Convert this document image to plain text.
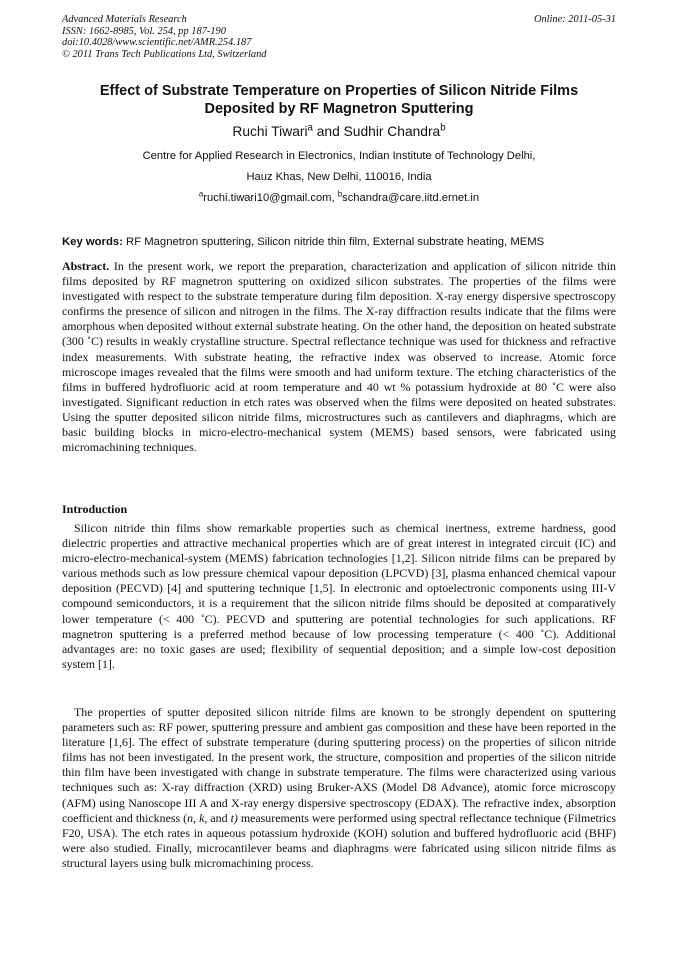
Advanced Materials Research
ISSN: 1662-8985, Vol. 254, pp 187-190
doi:10.4028/www.scientific.net/AMR.254.187
© 2011 Trans Tech Publications Ltd, Switzerland
Online: 2011-05-31
Effect of Substrate Temperature on Properties of Silicon Nitride Films
Deposited by RF Magnetron Sputtering
Ruchi Tiwari$^a$ and Sudhir Chandra$^b$
Centre for Applied Research in Electronics, Indian Institute of Technology Delhi,
Hauz Khas, New Delhi, 110016, India
$^a$ruchi.tiwari10@gmail.com, $^b$schandra@care.iitd.ernet.in
Key words: RF Magnetron sputtering, Silicon nitride thin film, External substrate heating, MEMS
Abstract. In the present work, we report the preparation, characterization and application of silicon nitride thin films deposited by RF magnetron sputtering on oxidized silicon substrates. The properties of the films were investigated with respect to the substrate temperature during film deposition. X-ray energy dispersive spectroscopy confirms the presence of silicon and nitrogen in the films. The X-ray diffraction results indicate that the films were amorphous when deposited without external substrate heating. On the other hand, the deposition on heated substrate (300 ˚C) results in weakly crystalline structure. Spectral reflectance technique was used for thickness and refractive index measurements. With substrate heating, the refractive index was observed to increase. Atomic force microscope images revealed that the films were smooth and had uniform texture. The etching characteristics of the films in buffered hydrofluoric acid at room temperature and 40 wt % potassium hydroxide at 80 ˚C were also investigated. Significant reduction in etch rates was observed when the films were deposited on heated substrates. Using the sputter deposited silicon nitride films, microstructures such as cantilevers and diaphragms, which are basic building blocks in micro-electro-mechanical system (MEMS) based sensors, were fabricated using micromachining techniques.
Introduction
Silicon nitride thin films show remarkable properties such as chemical inertness, extreme hardness, good dielectric properties and attractive mechanical properties which are of great interest in integrated circuit (IC) and micro-electro-mechanical-system (MEMS) fabrication technologies [1,2]. Silicon nitride films can be prepared by various methods such as low pressure chemical vapour deposition (LPCVD) [3], plasma enhanced chemical vapour deposition (PECVD) [4] and sputtering technique [1,5]. In electronic and optoelectronic components using III-V compound semiconductors, it is a requirement that the silicon nitride films should be deposited at comparatively lower temperature (< 400 ˚C). PECVD and sputtering are potential technologies for such applications. RF magnetron sputtering is a preferred method because of low processing temperature (< 400 ˚C). Additional advantages are: no toxic gases are used; flexibility of sequential deposition; and a simple low-cost deposition system [1].
The properties of sputter deposited silicon nitride films are known to be strongly dependent on sputtering parameters such as: RF power, sputtering pressure and ambient gas composition and these have been reported in the literature [1,6]. The effect of substrate temperature (during sputtering process) on the properties of silicon nitride films has not been investigated. In the present work, the structure, composition and properties of the silicon nitride thin film have been investigated with change in substrate temperature. The films were characterized using various techniques such as: X-ray diffraction (XRD) using Bruker-AXS (Model D8 Advance), atomic force microscopy (AFM) using Nanoscope III A and X-ray energy dispersive spectroscopy (EDAX). The refractive index, absorption coefficient and thickness (n, k, and t) measurements were performed using spectral reflectance technique (Filmetrics F20, USA). The etch rates in aqueous potassium hydroxide (KOH) solution and buffered hydrofluoric acid (BHF) were also studied. Finally, microcantilever beams and diaphragms were fabricated using silicon nitride films as structural layers using bulk micromachining process.
